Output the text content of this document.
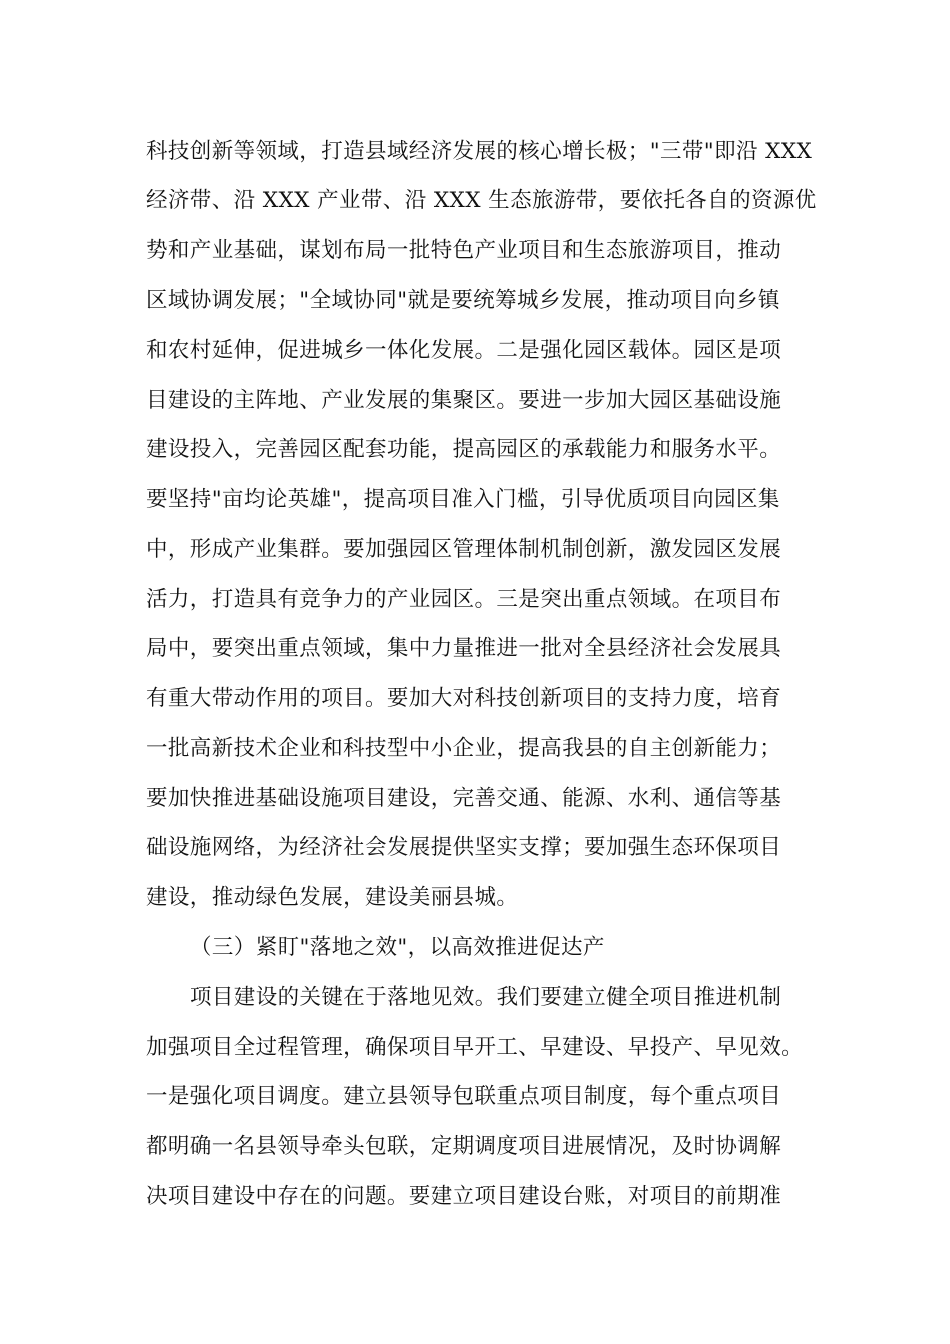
科技创新等领域，打造县域经济发展的核心增长极；"三带"即沿 XXX
经济带、沿 XXX 产业带、沿 XXX 生态旅游带，要依托各自的资源优
势和产业基础，谋划布局一批特色产业项目和生态旅游项目，推动
区域协调发展；"全域协同"就是要统筹城乡发展，推动项目向乡镇
和农村延伸，促进城乡一体化发展。二是强化园区载体。园区是项
目建设的主阵地、产业发展的集聚区。要进一步加大园区基础设施
建设投入，完善园区配套功能，提高园区的承载能力和服务水平。
要坚持"亩均论英雄"，提高项目准入门槛，引导优质项目向园区集
中，形成产业集群。要加强园区管理体制机制创新，激发园区发展
活力，打造具有竞争力的产业园区。三是突出重点领域。在项目布
局中，要突出重点领域，集中力量推进一批对全县经济社会发展具
有重大带动作用的项目。要加大对科技创新项目的支持力度，培育
一批高新技术企业和科技型中小企业，提高我县的自主创新能力；
要加快推进基础设施项目建设，完善交通、能源、水利、通信等基
础设施网络，为经济社会发展提供坚实支撑；要加强生态环保项目
建设，推动绿色发展，建设美丽县城。
（三）紧盯"落地之效"，以高效推进促达产
项目建设的关键在于落地见效。我们要建立健全项目推进机制
加强项目全过程管理，确保项目早开工、早建设、早投产、早见效。
一是强化项目调度。建立县领导包联重点项目制度，每个重点项目
都明确一名县领导牵头包联，定期调度项目进展情况，及时协调解
决项目建设中存在的问题。要建立项目建设台账，对项目的前期准
